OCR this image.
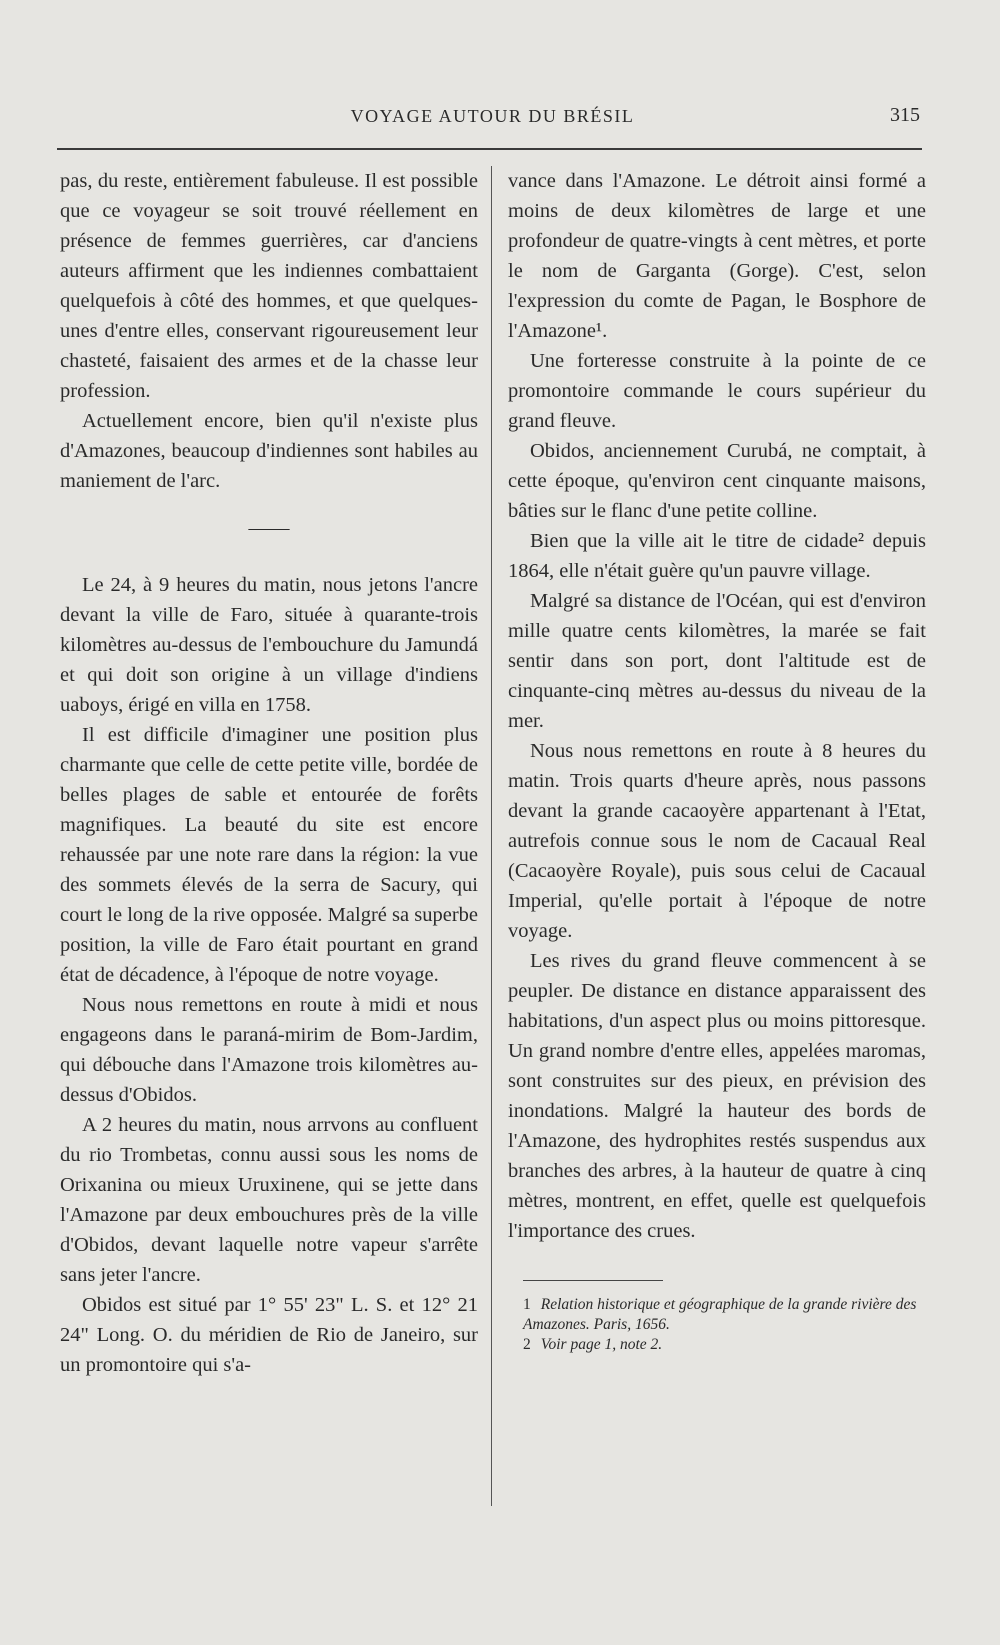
VOYAGE AUTOUR DU BRÉSIL	315

pas, du reste, entièrement fabuleuse. Il est possible que ce voyageur se soit trouvé réellement en présence de femmes guerrières, car d'anciens auteurs affirment que les indiennes combattaient quelquefois à côté des hommes, et que quelques-unes d'entre elles, conservant rigoureusement leur chasteté, faisaient des armes et de la chasse leur profession.

Actuellement encore, bien qu'il n'existe plus d'Amazones, beaucoup d'indiennes sont habiles au maniement de l'arc.

——

Le 24, à 9 heures du matin, nous jetons l'ancre devant la ville de Faro, située à quarante-trois kilomètres au-dessus de l'embouchure du Jamundá et qui doit son origine à un village d'indiens uaboys, érigé en villa en 1758.

Il est difficile d'imaginer une position plus charmante que celle de cette petite ville, bordée de belles plages de sable et entourée de forêts magnifiques. La beauté du site est encore rehaussée par une note rare dans la région: la vue des sommets élevés de la serra de Sacury, qui court le long de la rive opposée. Malgré sa superbe position, la ville de Faro était pourtant en grand état de décadence, à l'époque de notre voyage.

Nous nous remettons en route à midi et nous engageons dans le paraná-mirim de Bom-Jardim, qui débouche dans l'Amazone trois kilomètres au-dessus d'Obidos.

A 2 heures du matin, nous arrvons au confluent du rio Trombetas, connu aussi sous les noms de Orixanina ou mieux Uruxinene, qui se jette dans l'Amazone par deux embouchures près de la ville d'Obidos, devant laquelle notre vapeur s'arrête sans jeter l'ancre.

Obidos est situé par 1° 55' 23" L. S. et 12° 21 24" Long. O. du méridien de Rio de Janeiro, sur un promontoire qui s'a-

vance dans l'Amazone. Le détroit ainsi formé a moins de deux kilomètres de large et une profondeur de quatre-vingts à cent mètres, et porte le nom de Garganta (Gorge). C'est, selon l'expression du comte de Pagan, le Bosphore de l'Amazone¹.

Une forteresse construite à la pointe de ce promontoire commande le cours supérieur du grand fleuve.

Obidos, anciennement Curubá, ne comptait, à cette époque, qu'environ cent cinquante maisons, bâties sur le flanc d'une petite colline.

Bien que la ville ait le titre de cidade² depuis 1864, elle n'était guère qu'un pauvre village.

Malgré sa distance de l'Océan, qui est d'environ mille quatre cents kilomètres, la marée se fait sentir dans son port, dont l'altitude est de cinquante-cinq mètres au-dessus du niveau de la mer.

Nous nous remettons en route à 8 heures du matin. Trois quarts d'heure après, nous passons devant la grande cacaoyère appartenant à l'Etat, autrefois connue sous le nom de Cacaual Real (Cacaoyère Royale), puis sous celui de Cacaual Imperial, qu'elle portait à l'époque de notre voyage.

Les rives du grand fleuve commencent à se peupler. De distance en distance apparaissent des habitations, d'un aspect plus ou moins pittoresque. Un grand nombre d'entre elles, appelées maromas, sont construites sur des pieux, en prévision des inondations. Malgré la hauteur des bords de l'Amazone, des hydrophites restés suspendus aux branches des arbres, à la hauteur de quatre à cinq mètres, montrent, en effet, quelle est quelquefois l'importance des crues.

1 Relation historique et géographique de la grande rivière des Amazones. Paris, 1656.

2 Voir page 1, note 2.
